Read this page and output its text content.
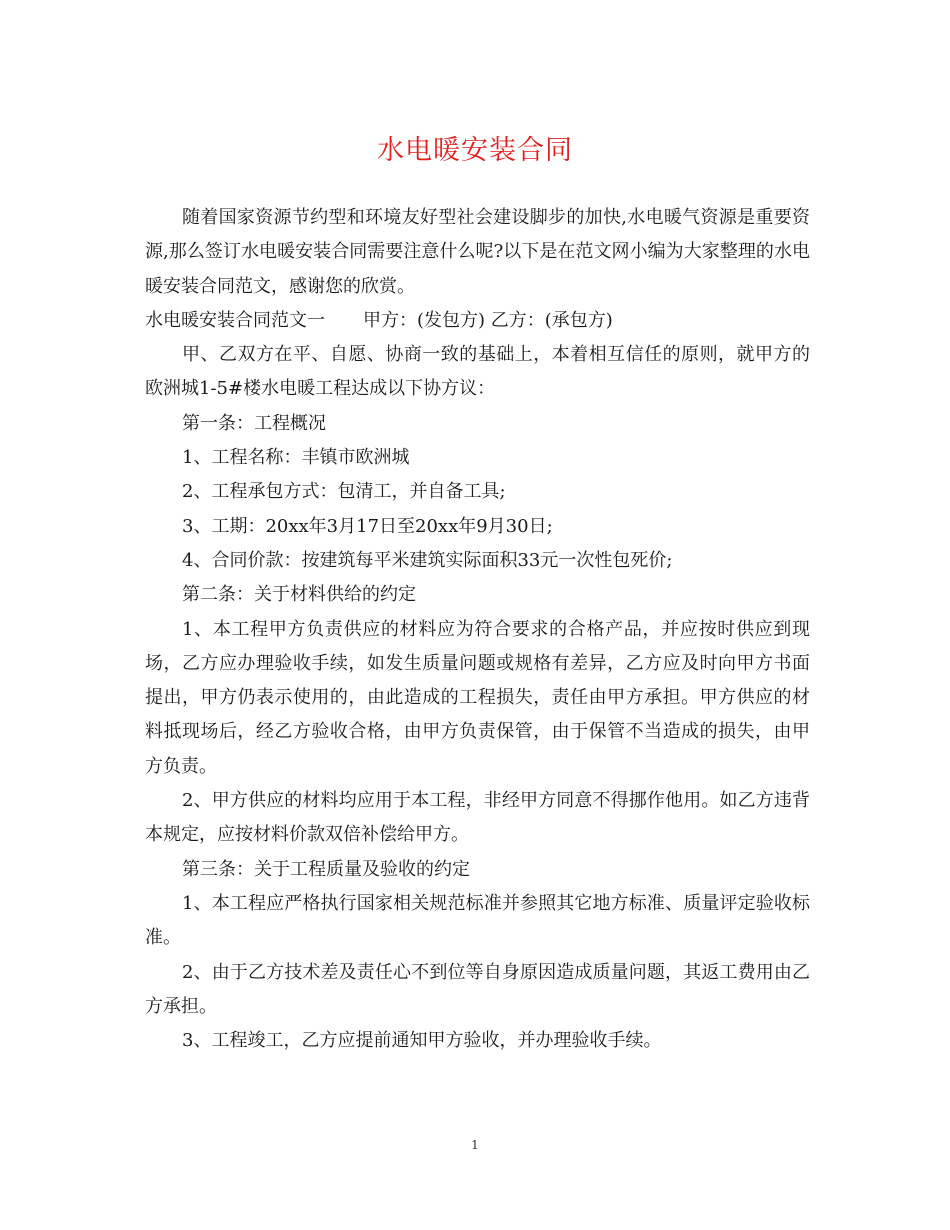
水电暖安装合同

随着国家资源节约型和环境友好型社会建设脚步的加快,水电暖气资源是重要资源,那么签订水电暖安装合同需要注意什么呢?以下是在范文网小编为大家整理的水电暖安装合同范文，感谢您的欣赏。

水电暖安装合同范文一 甲方：(发包方) 乙方：(承包方)

甲、乙双方在平、自愿、协商一致的基础上，本着相互信任的原则，就甲方的欧洲城1-5#楼水电暖工程达成以下协方议：

第一条：工程概况

1、工程名称：丰镇市欧洲城

2、工程承包方式：包清工，并自备工具;

3、工期：20xx年3月17日至20xx年9月30日;

4、合同价款：按建筑每平米建筑实际面积33元一次性包死价;

第二条：关于材料供给的约定

1、本工程甲方负责供应的材料应为符合要求的合格产品，并应按时供应到现场，乙方应办理验收手续，如发生质量问题或规格有差异，乙方应及时向甲方书面提出，甲方仍表示使用的，由此造成的工程损失，责任由甲方承担。甲方供应的材料抵现场后，经乙方验收合格，由甲方负责保管，由于保管不当造成的损失，由甲方负责。

2、甲方供应的材料均应用于本工程，非经甲方同意不得挪作他用。如乙方违背本规定，应按材料价款双倍补偿给甲方。

第三条：关于工程质量及验收的约定

1、本工程应严格执行国家相关规范标准并参照其它地方标准、质量评定验收标准。

2、由于乙方技术差及责任心不到位等自身原因造成质量问题，其返工费用由乙方承担。

3、工程竣工，乙方应提前通知甲方验收，并办理验收手续。

1
